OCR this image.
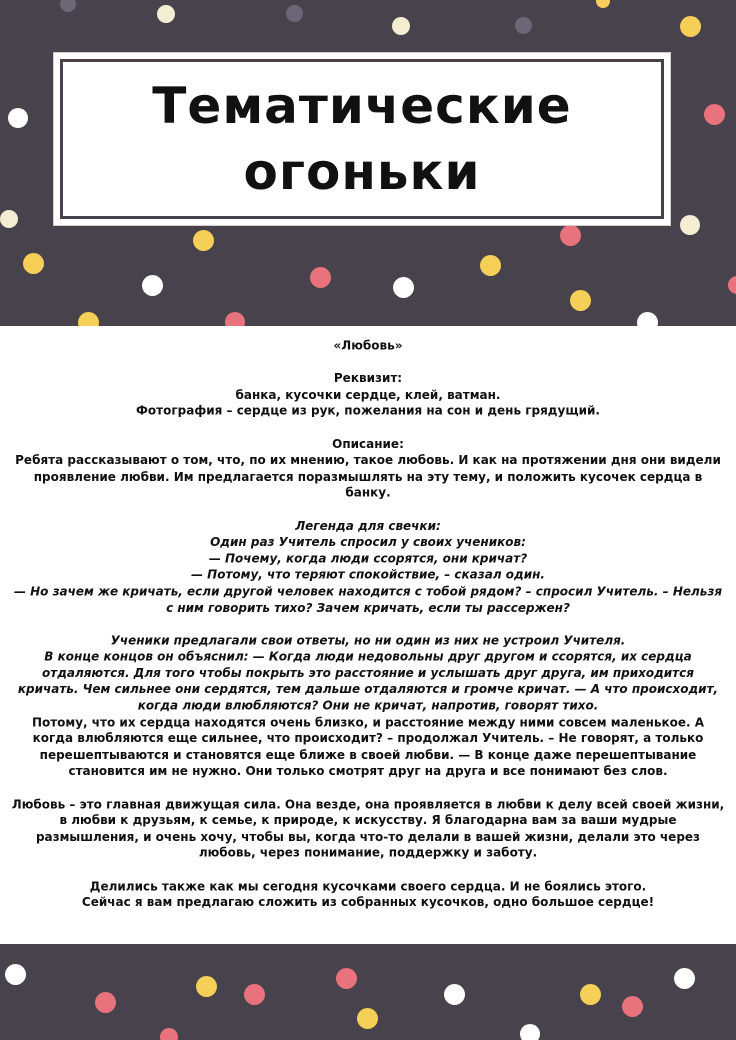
Тематические
огоньки

«Любовь»

Реквизит:

банка, кусочки сердце, клей, ватман.

Фотография – сердце из рук, пожелания на сон и день грядущий.

Описание:

Ребята рассказывают о том, что, по их мнению, такое любовь. И как на протяжении дня они видели проявление любви. Им предлагается поразмышлять на эту тему, и положить кусочек сердца в банку.

Легенда для свечки:

Один раз Учитель спросил у своих учеников:

— Почему, когда люди ссорятся, они кричат?

— Потому, что теряют спокойствие, – сказал один.

— Но зачем же кричать, если другой человек находится с тобой рядом? – спросил Учитель. – Нельзя с ним говорить тихо? Зачем кричать, если ты рассержен?

Ученики предлагали свои ответы, но ни один из них не устроил Учителя.

В конце концов он объяснил: — Когда люди недовольны друг другом и ссорятся, их сердца отдаляются. Для того чтобы покрыть это расстояние и услышать друг друга, им приходится кричать. Чем сильнее они сердятся, тем дальше отдаляются и громче кричат. — А что происходит, когда люди влюбляются? Они не кричат, напротив, говорят тихо.

Потому, что их сердца находятся очень близко, и расстояние между ними совсем маленькое. А когда влюбляются еще сильнее, что происходит? – продолжал Учитель. – Не говорят, а только перешептываются и становятся еще ближе в своей любви. — В конце даже перешептывание становится им не нужно. Они только смотрят друг на друга и все понимают без слов.

Любовь – это главная движущая сила. Она везде, она проявляется в любви к делу всей своей жизни, в любви к друзьям, к семье, к природе, к искусству. Я благодарна вам за ваши мудрые размышления, и очень хочу, чтобы вы, когда что-то делали в вашей жизни, делали это через любовь, через понимание, поддержку и заботу.

Делились также как мы сегодня кусочками своего сердца. И не боялись этого.

Сейчас я вам предлагаю сложить из собранных кусочков, одно большое сердце!
